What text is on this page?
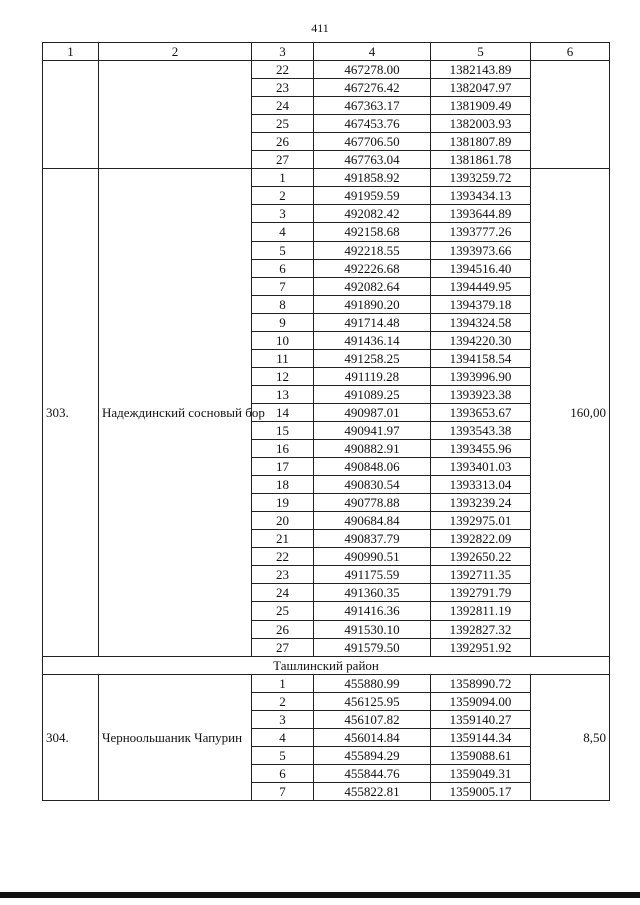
411
1	2	3	4	5	6
		22	467278.00	1382143.89	
		23	467276.42	1382047.97	
		24	467363.17	1381909.49	
		25	467453.76	1382003.93	
		26	467706.50	1381807.89	
		27	467763.04	1381861.78	
303.	Надеждинский сосновый бор	1	491858.92	1393259.72	160,00
		2	491959.59	1393434.13	
		3	492082.42	1393644.89	
		4	492158.68	1393777.26	
		5	492218.55	1393973.66	
		6	492226.68	1394516.40	
		7	492082.64	1394449.95	
		8	491890.20	1394379.18	
		9	491714.48	1394324.58	
		10	491436.14	1394220.30	
		11	491258.25	1394158.54	
		12	491119.28	1393996.90	
		13	491089.25	1393923.38	
		14	490987.01	1393653.67	
		15	490941.97	1393543.38	
		16	490882.91	1393455.96	
		17	490848.06	1393401.03	
		18	490830.54	1393313.04	
		19	490778.88	1393239.24	
		20	490684.84	1392975.01	
		21	490837.79	1392822.09	
		22	490990.51	1392650.22	
		23	491175.59	1392711.35	
		24	491360.35	1392791.79	
		25	491416.36	1392811.19	
		26	491530.10	1392827.32	
		27	491579.50	1392951.92	
Ташлинский район					
304.	Черноольшаник Чапурин	1	455880.99	1358990.72	8,50
		2	456125.95	1359094.00	
		3	456107.82	1359140.27	
		4	456014.84	1359144.34	
		5	455894.29	1359088.61	
		6	455844.76	1359049.31	
		7	455822.81	1359005.17	
